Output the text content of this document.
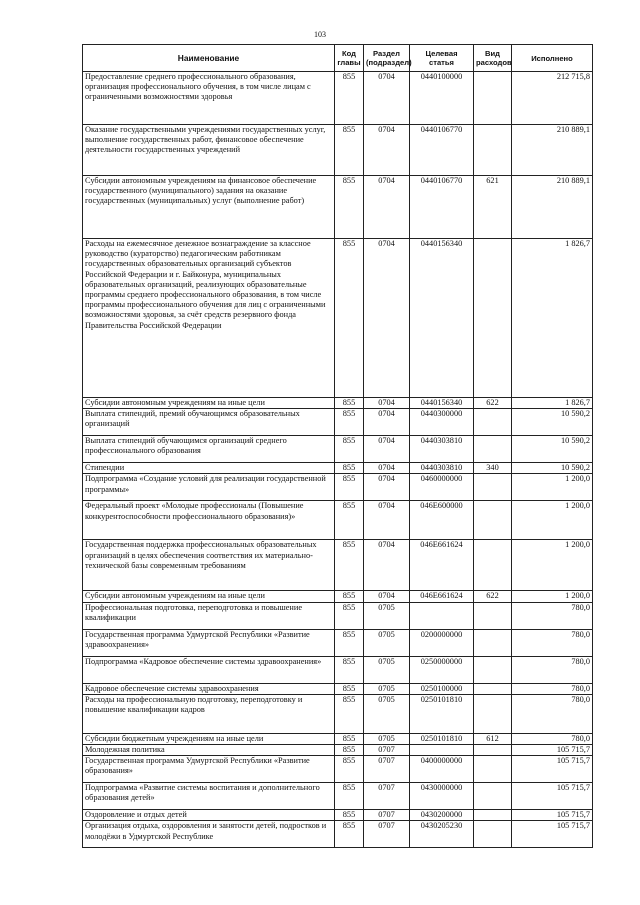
103
Наименование	Код главы	Раздел (подраздел)	Целевая статья	Вид расходов	Исполнено
Предоставление среднего профессионального образования, организация профессионального обучения, в том числе лицам с ограниченными возможностями здоровья	855	0704	0440100000		212 715,8
Оказание государственными учреждениями государственных услуг, выполнение государственных работ, финансовое обеспечение деятельности государственных учреждений	855	0704	0440106770		210 889,1
Субсидии автономным учреждениям на финансовое обеспечение государственного (муниципального) задания на оказание государственных (муниципальных) услуг (выполнение работ)	855	0704	0440106770	621	210 889,1
Расходы на ежемесячное денежное вознаграждение за классное руководство (кураторство) педагогическим работникам государственных образовательных организаций субъектов Российской Федерации и г. Байконура, муниципальных образовательных организаций, реализующих образовательные программы среднего профессионального образования, в том числе программы профессионального обучения для лиц с ограниченными возможностями здоровья, за счёт средств резервного фонда Правительства Российской Федерации	855	0704	0440156340		1 826,7
Субсидии автономным учреждениям на иные цели	855	0704	0440156340	622	1 826,7
Выплата стипендий, премий обучающимся образовательных организаций	855	0704	0440300000		10 590,2
Выплата стипендий обучающимся организаций среднего профессионального образования	855	0704	0440303810		10 590,2
Стипендии	855	0704	0440303810	340	10 590,2
Подпрограмма «Создание условий для реализации государственной программы»	855	0704	0460000000		1 200,0
Федеральный проект «Молодые профессионалы (Повышение конкурентоспособности профессионального образования)»	855	0704	046E600000		1 200,0
Государственная поддержка профессиональных образовательных организаций в целях обеспечения соответствия их материально-технической базы современным требованиям	855	0704	046E661624		1 200,0
Субсидии автономным учреждениям на иные цели	855	0704	046E661624	622	1 200,0
Профессиональная подготовка, переподготовка и повышение квалификации	855	0705			780,0
Государственная программа Удмуртской Республики «Развитие здравоохранения»	855	0705	0200000000		780,0
Подпрограмма «Кадровое обеспечение системы здравоохранения»	855	0705	0250000000		780,0
Кадровое обеспечение системы здравоохранения	855	0705	0250100000		780,0
Расходы на профессиональную подготовку, переподготовку и повышение квалификации кадров	855	0705	0250101810		780,0
Субсидии бюджетным учреждениям на иные цели	855	0705	0250101810	612	780,0
Молодежная политика	855	0707			105 715,7
Государственная программа Удмуртской Республики «Развитие образования»	855	0707	0400000000		105 715,7
Подпрограмма «Развитие системы воспитания и дополнительного образования детей»	855	0707	0430000000		105 715,7
Оздоровление и отдых детей	855	0707	0430200000		105 715,7
Организация отдыха, оздоровления и занятости детей, подростков и молодёжи в Удмуртской Республике	855	0707	0430205230		105 715,7
